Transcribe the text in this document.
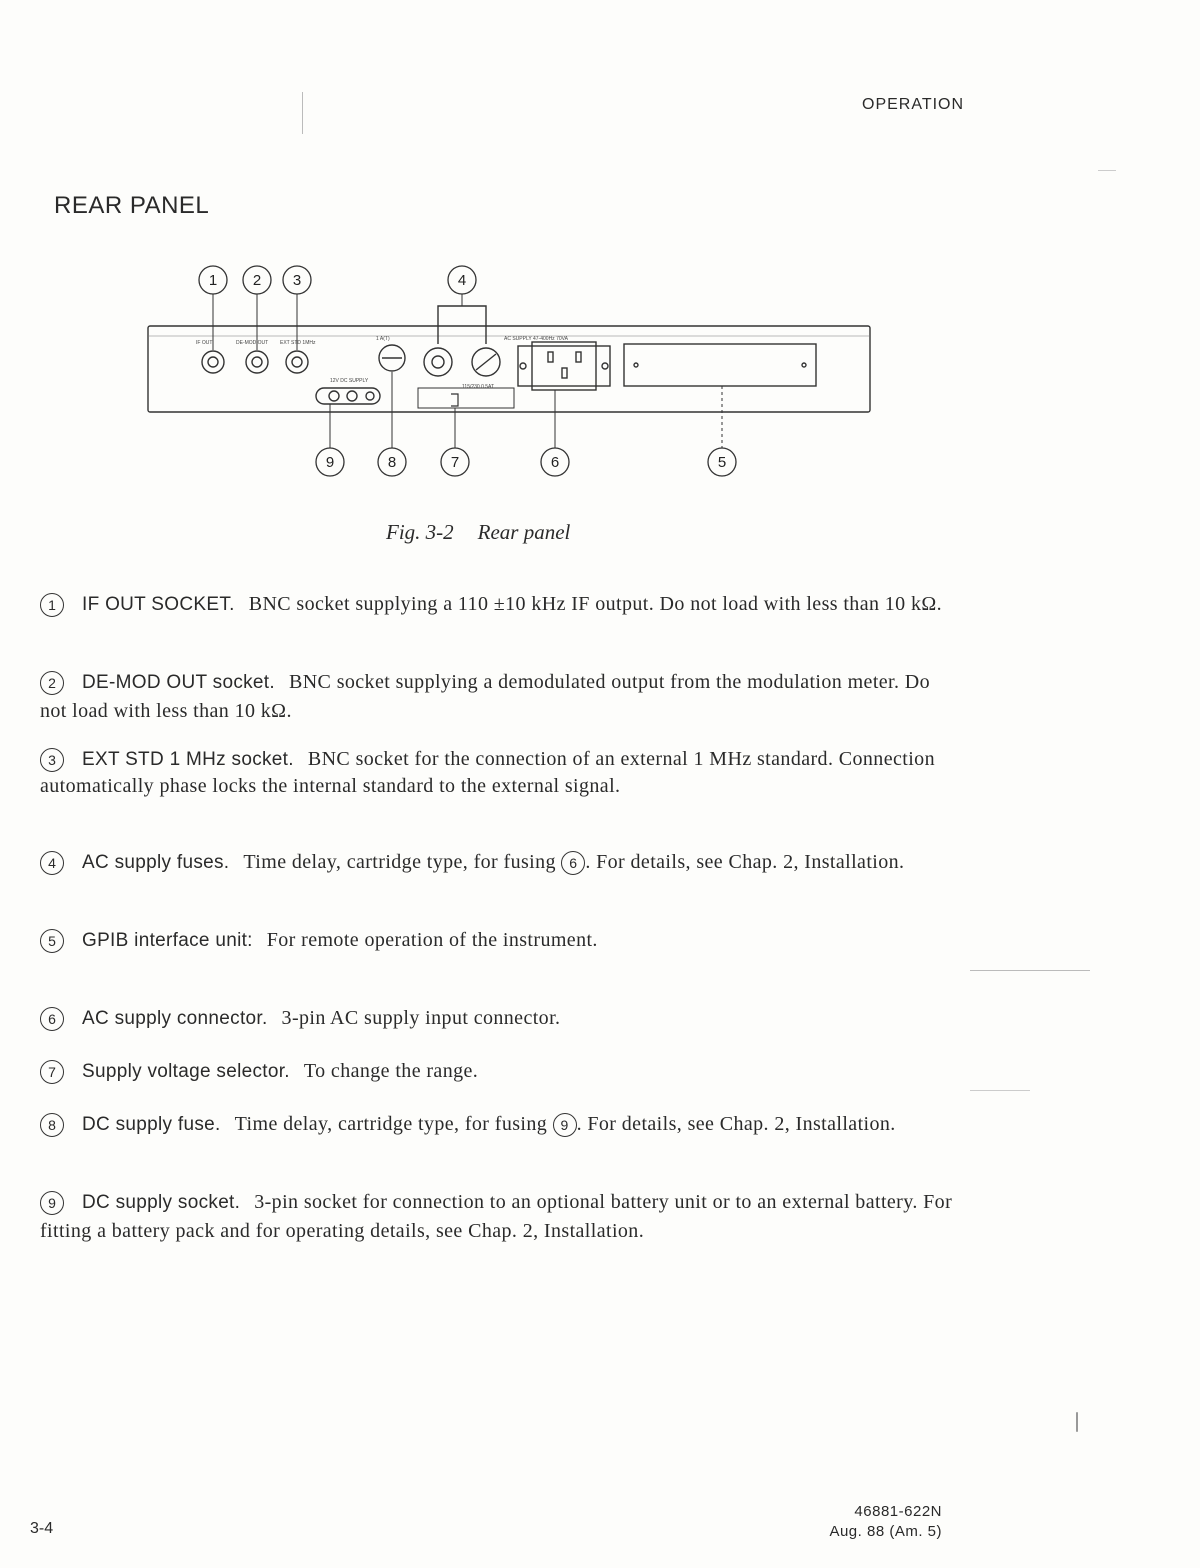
OPERATION
REAR PANEL
IF OUT	DE-MOD OUT EXT STD 1MHz
1 A(T)
12V DC SUPPLY
AC SUPPLY 47-400Hz 70VA
115/230 0.5AT
1 2 3	4
9	8	7	6	5
Fig. 3-2 Rear panel
1 IF OUT SOCKET. BNC socket supplying a 110 ±10 kHz IF output. Do not load with less than 10 kΩ.
2 DE-MOD OUT socket. BNC socket supplying a demodulated output from the modulation meter. Do not load with less than 10 kΩ.
3 EXT STD 1 MHz socket. BNC socket for the connection of an external 1 MHz standard. Connection automatically phase locks the internal standard to the external signal.
4 AC supply fuses. Time delay, cartridge type, for fusing 6 . For details, see Chap. 2, Installation.
5 GPIB interface unit: For remote operation of the instrument.
6 AC supply connector. 3-pin AC supply input connector.
7 Supply voltage selector. To change the range.
8 DC supply fuse. Time delay, cartridge type, for fusing 9 . For details, see Chap. 2, Installation.
9 DC supply socket. 3-pin socket for connection to an optional battery unit or to an external battery. For fitting a battery pack and for operating details, see Chap. 2, Installation.
3-4
46881-622N
Aug. 88 (Am. 5)
